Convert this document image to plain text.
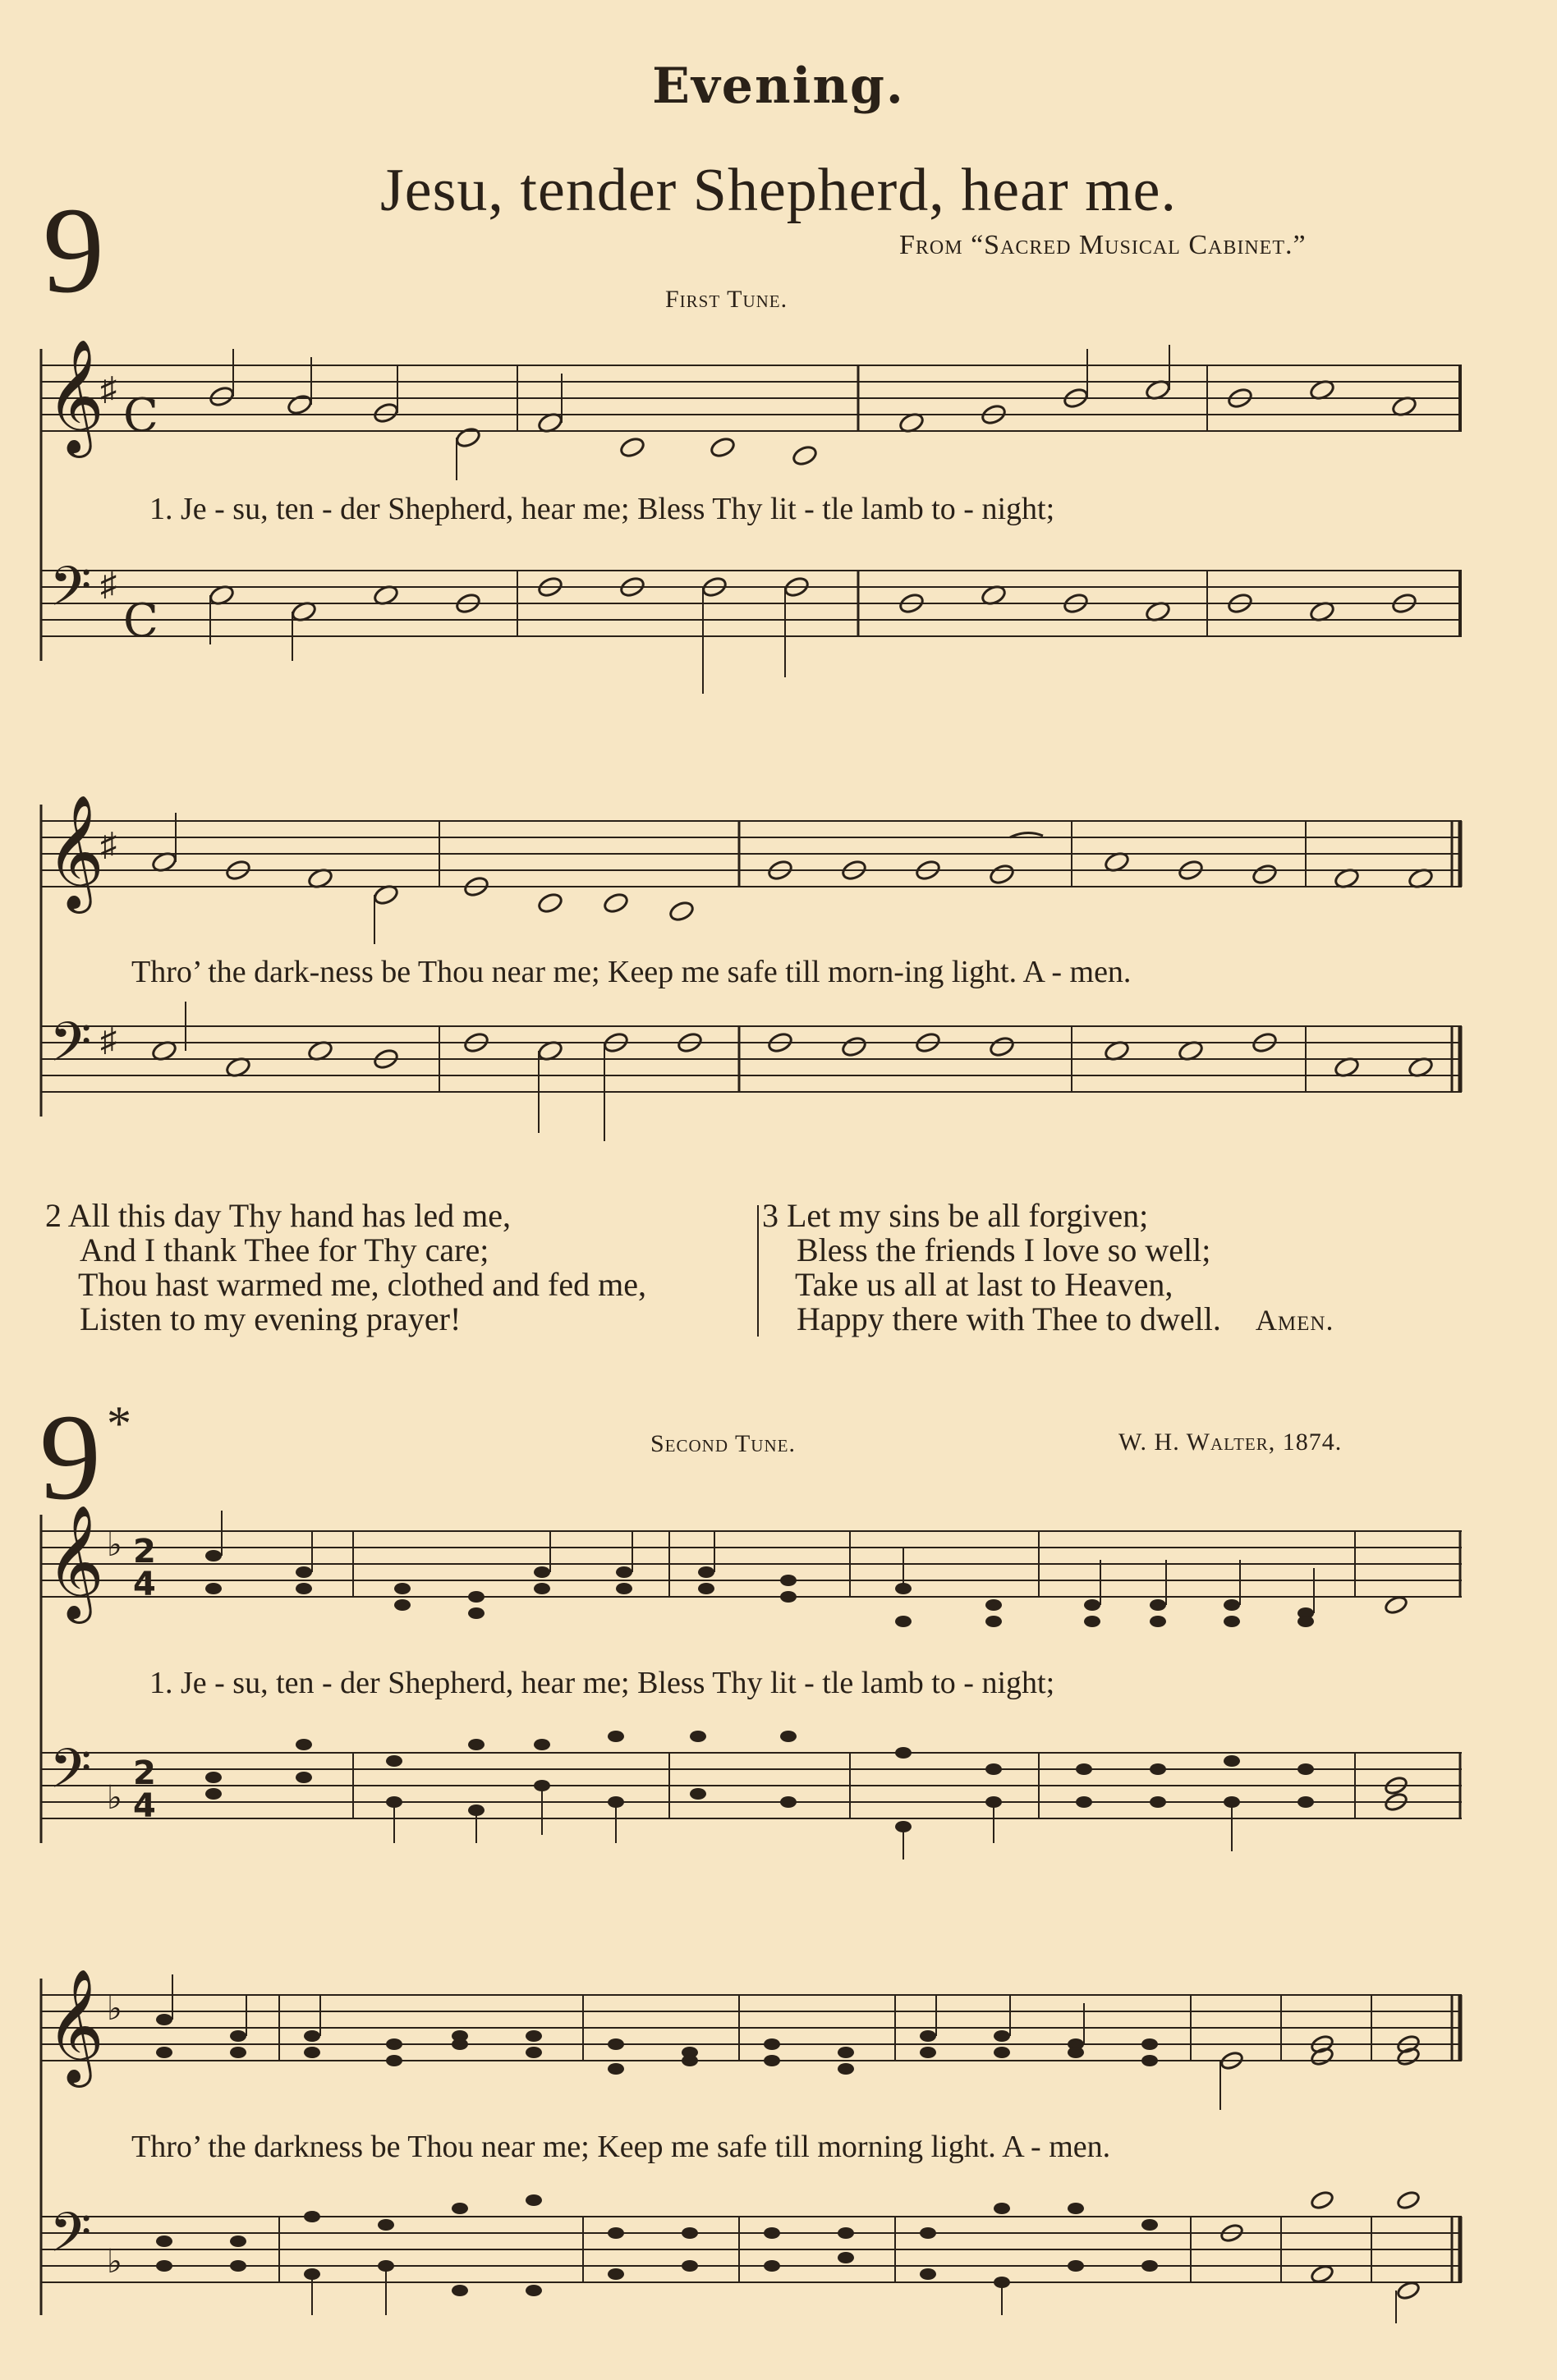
Evening.
9	Jesu, tender Shepherd, hear me.
From “Sacred Musical Cabinet.”
First Tune.
𝄞
𝄢
♯
♯
C
C
1. Je - su, ten - der Shepherd, hear me; Bless Thy lit - tle lamb to - night;
𝄞
𝄢
♯
♯
Thro’ the dark-ness be Thou near me; Keep me safe till morn-ing light. A - men.
2 All this day Thy hand has led me,
And I thank Thee for Thy care;
Thou hast warmed me, clothed and fed me,
Listen to my evening prayer!
3 Let my sins be all forgiven;
Bless the friends I love so well;
Take us all at last to Heaven,
Happy there with Thee to dwell. Amen.
9 *	Second Tune.	W. H. Walter, 1874.
𝄞
𝄢
♭
♭
2
4
2
4
1. Je - su, ten - der Shepherd, hear me; Bless Thy lit - tle lamb to - night;
𝄞
𝄢
♭
♭
Thro’ the darkness be Thou near me; Keep me safe till morning light. A - men.
